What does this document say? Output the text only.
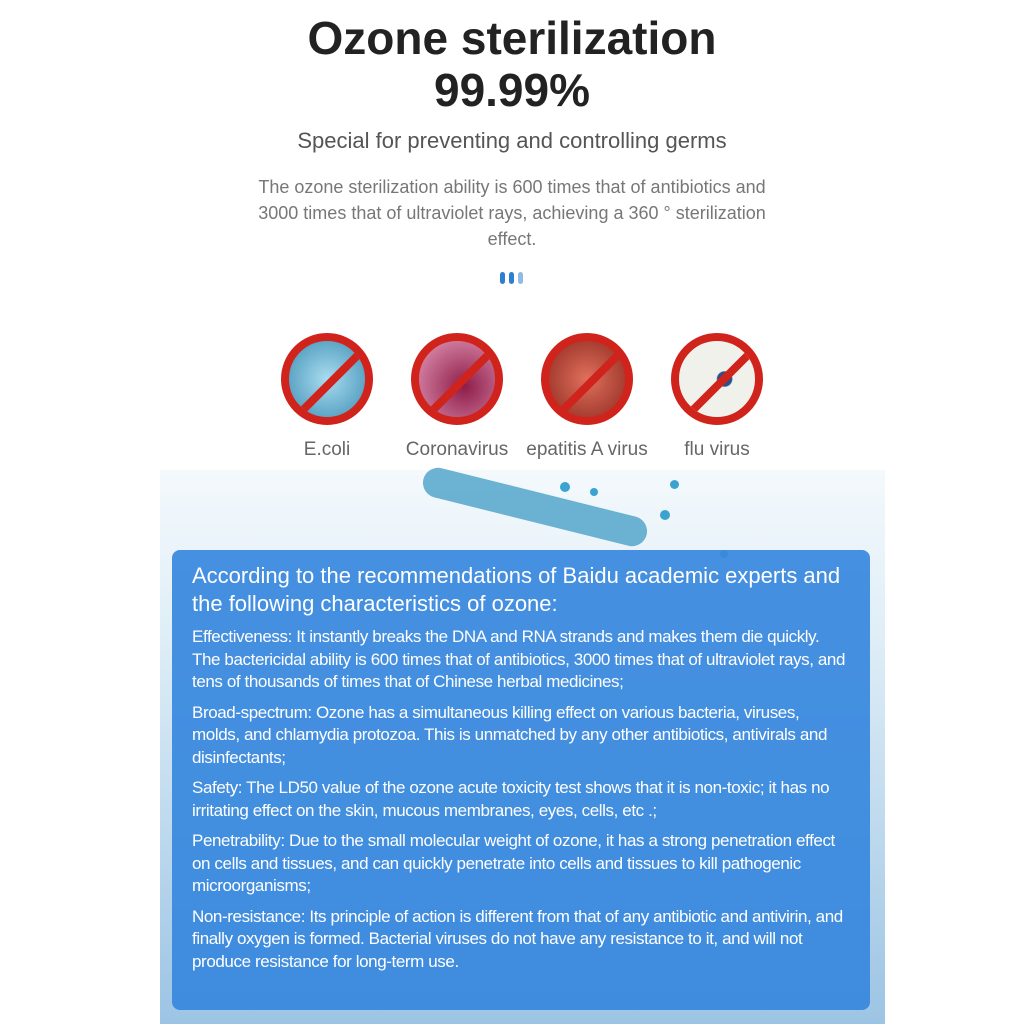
Ozone sterilization
99.99%
Special for preventing and controlling germs
The ozone sterilization ability is 600 times that of antibiotics and 3000 times that of ultraviolet rays, achieving a 360 ° sterilization effect.
E.coli	Coronavirus epatitis A virus	flu virus
According to the recommendations of Baidu academic experts and the following characteristics of ozone:
Effectiveness: It instantly breaks the DNA and RNA strands and makes them die quickly. The bactericidal ability is 600 times that of antibiotics, 3000 times that of ultraviolet rays, and tens of thousands of times that of Chinese herbal medicines;
Broad-spectrum: Ozone has a simultaneous killing effect on various bacteria, viruses, molds, and chlamydia protozoa. This is unmatched by any other antibiotics, antivirals and disinfectants;
Safety: The LD50 value of the ozone acute toxicity test shows that it is non-toxic; it has no irritating effect on the skin, mucous membranes, eyes, cells, etc .;
Penetrability: Due to the small molecular weight of ozone, it has a strong penetration effect on cells and tissues, and can quickly penetrate into cells and tissues to kill pathogenic microorganisms;
Non-resistance: Its principle of action is different from that of any antibiotic and antivirin, and finally oxygen is formed. Bacterial viruses do not have any resistance to it, and will not produce resistance for long-term use.
